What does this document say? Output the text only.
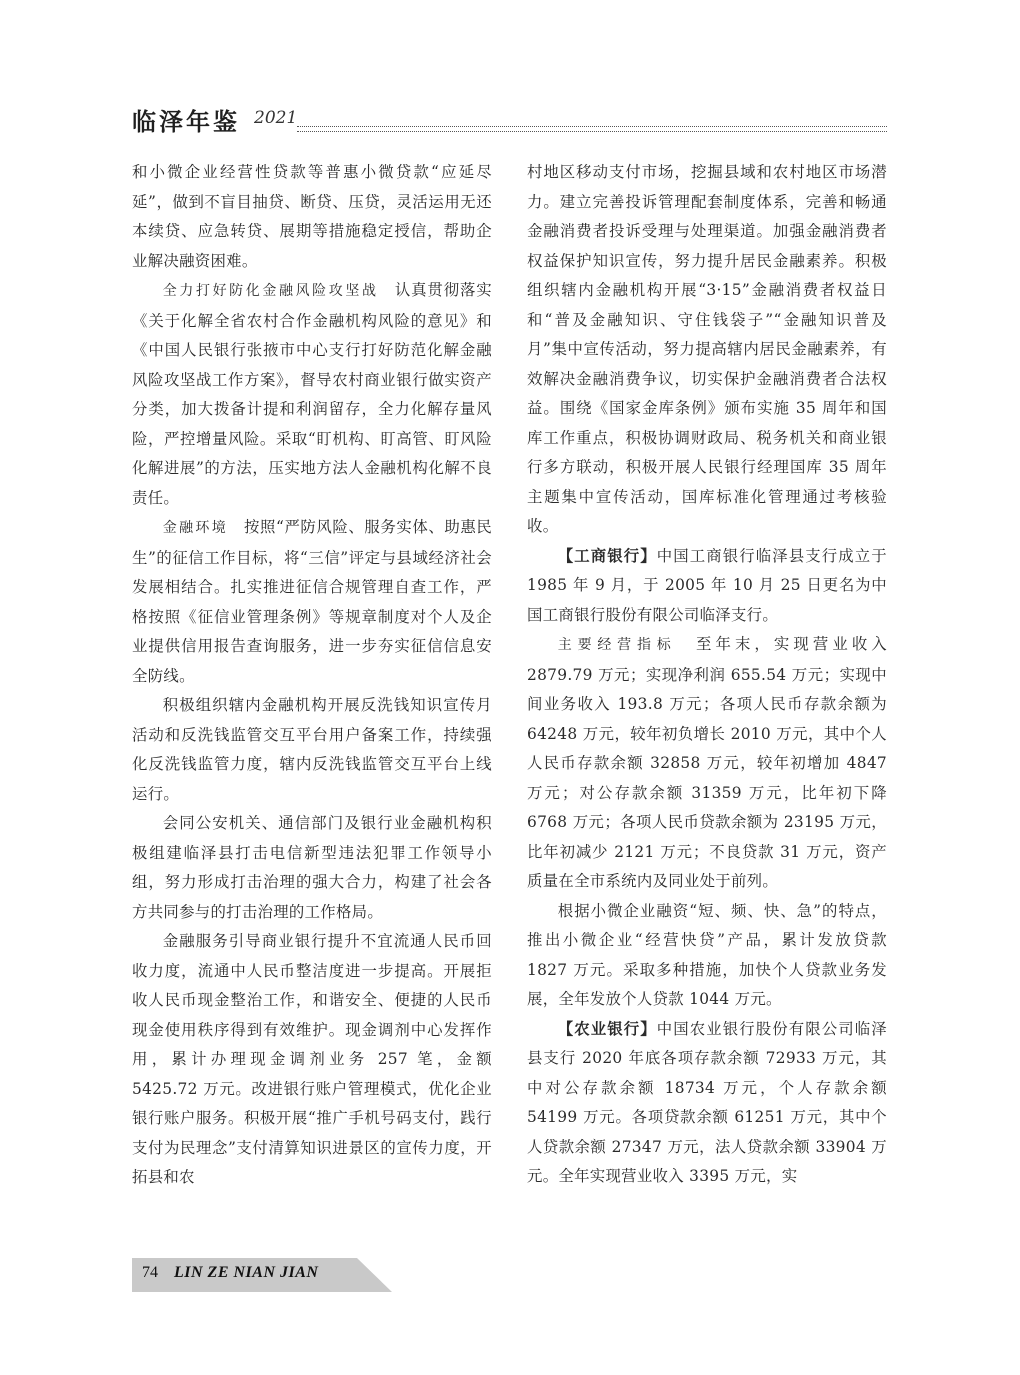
临泽年鉴 2021

和小微企业经营性贷款等普惠小微贷款“应延尽延”，做到不盲目抽贷、断贷、压贷，灵活运用无还本续贷、应急转贷、展期等措施稳定授信，帮助企业解决融资困难。

全力打好防化金融风险攻坚战　 认真贯彻落实《关于化解全省农村合作金融机构风险的意见》和《中国人民银行张掖市中心支行打好防范化解金融风险攻坚战工作方案》，督导农村商业银行做实资产分类，加大拨备计提和利润留存，全力化解存量风险，严控增量风险。采取“盯机构、盯高管、盯风险化解进展”的方法，压实地方法人金融机构化解不良责任。

金融环境　 按照“严防风险、服务实体、助惠民生”的征信工作目标，将“三信”评定与县域经济社会发展相结合。扎实推进征信合规管理自查工作，严格按照《征信业管理条例》等规章制度对个人及企业提供信用报告查询服务，进一步夯实征信信息安全防线。

积极组织辖内金融机构开展反洗钱知识宣传月活动和反洗钱监管交互平台用户备案工作，持续强化反洗钱监管力度，辖内反洗钱监管交互平台上线运行。

会同公安机关、通信部门及银行业金融机构积极组建临泽县打击电信新型违法犯罪工作领导小组，努力形成打击治理的强大合力，构建了社会各方共同参与的打击治理的工作格局。

金融服务引导商业银行提升不宜流通人民币回收力度，流通中人民币整洁度进一步提高。开展拒收人民币现金整治工作，和谐安全、便捷的人民币现金使用秩序得到有效维护。现金调剂中心发挥作用，累计办理现金调剂业务 257 笔，金额 5425.72 万元。改进银行账户管理模式，优化企业银行账户服务。积极开展“推广手机号码支付，践行支付为民理念”支付清算知识进景区的宣传力度，开拓县和农

村地区移动支付市场，挖掘县域和农村地区市场潜力。建立完善投诉管理配套制度体系，完善和畅通金融消费者投诉受理与处理渠道。加强金融消费者权益保护知识宣传，努力提升居民金融素养。积极组织辖内金融机构开展“3·15”金融消费者权益日和“普及金融知识、守住钱袋子”“金融知识普及月”集中宣传活动，努力提高辖内居民金融素养，有效解决金融消费争议，切实保护金融消费者合法权益。围绕《国家金库条例》颁布实施 35 周年和国库工作重点，积极协调财政局、税务机关和商业银行多方联动，积极开展人民银行经理国库 35 周年主题集中宣传活动，国库标准化管理通过考核验收。

【工商银行】中国工商银行临泽县支行成立于 1985 年 9 月，于 2005 年 10 月 25 日更名为中国工商银行股份有限公司临泽支行。

主要经营指标　 至年末，实现营业收入 2879.79 万元；实现净利润 655.54 万元；实现中间业务收入 193.8 万元；各项人民币存款余额为 64248 万元，较年初负增长 2010 万元，其中个人人民币存款余额 32858 万元，较年初增加 4847 万元；对公存款余额 31359 万元，比年初下降 6768 万元；各项人民币贷款余额为 23195 万元，比年初减少 2121 万元；不良贷款 31 万元，资产质量在全市系统内及同业处于前列。

根据小微企业融资“短、频、快、急”的特点，推出小微企业“经营快贷”产品，累计发放贷款 1827 万元。采取多种措施，加快个人贷款业务发展，全年发放个人贷款 1044 万元。

【农业银行】中国农业银行股份有限公司临泽县支行 2020 年底各项存款余额 72933 万元，其中对公存款余额 18734 万元，个人存款余额 54199 万元。各项贷款余额 61251 万元，其中个人贷款余额 27347 万元，法人贷款余额 33904 万元。全年实现营业收入 3395 万元，实

74 LIN ZE NIAN JIAN
